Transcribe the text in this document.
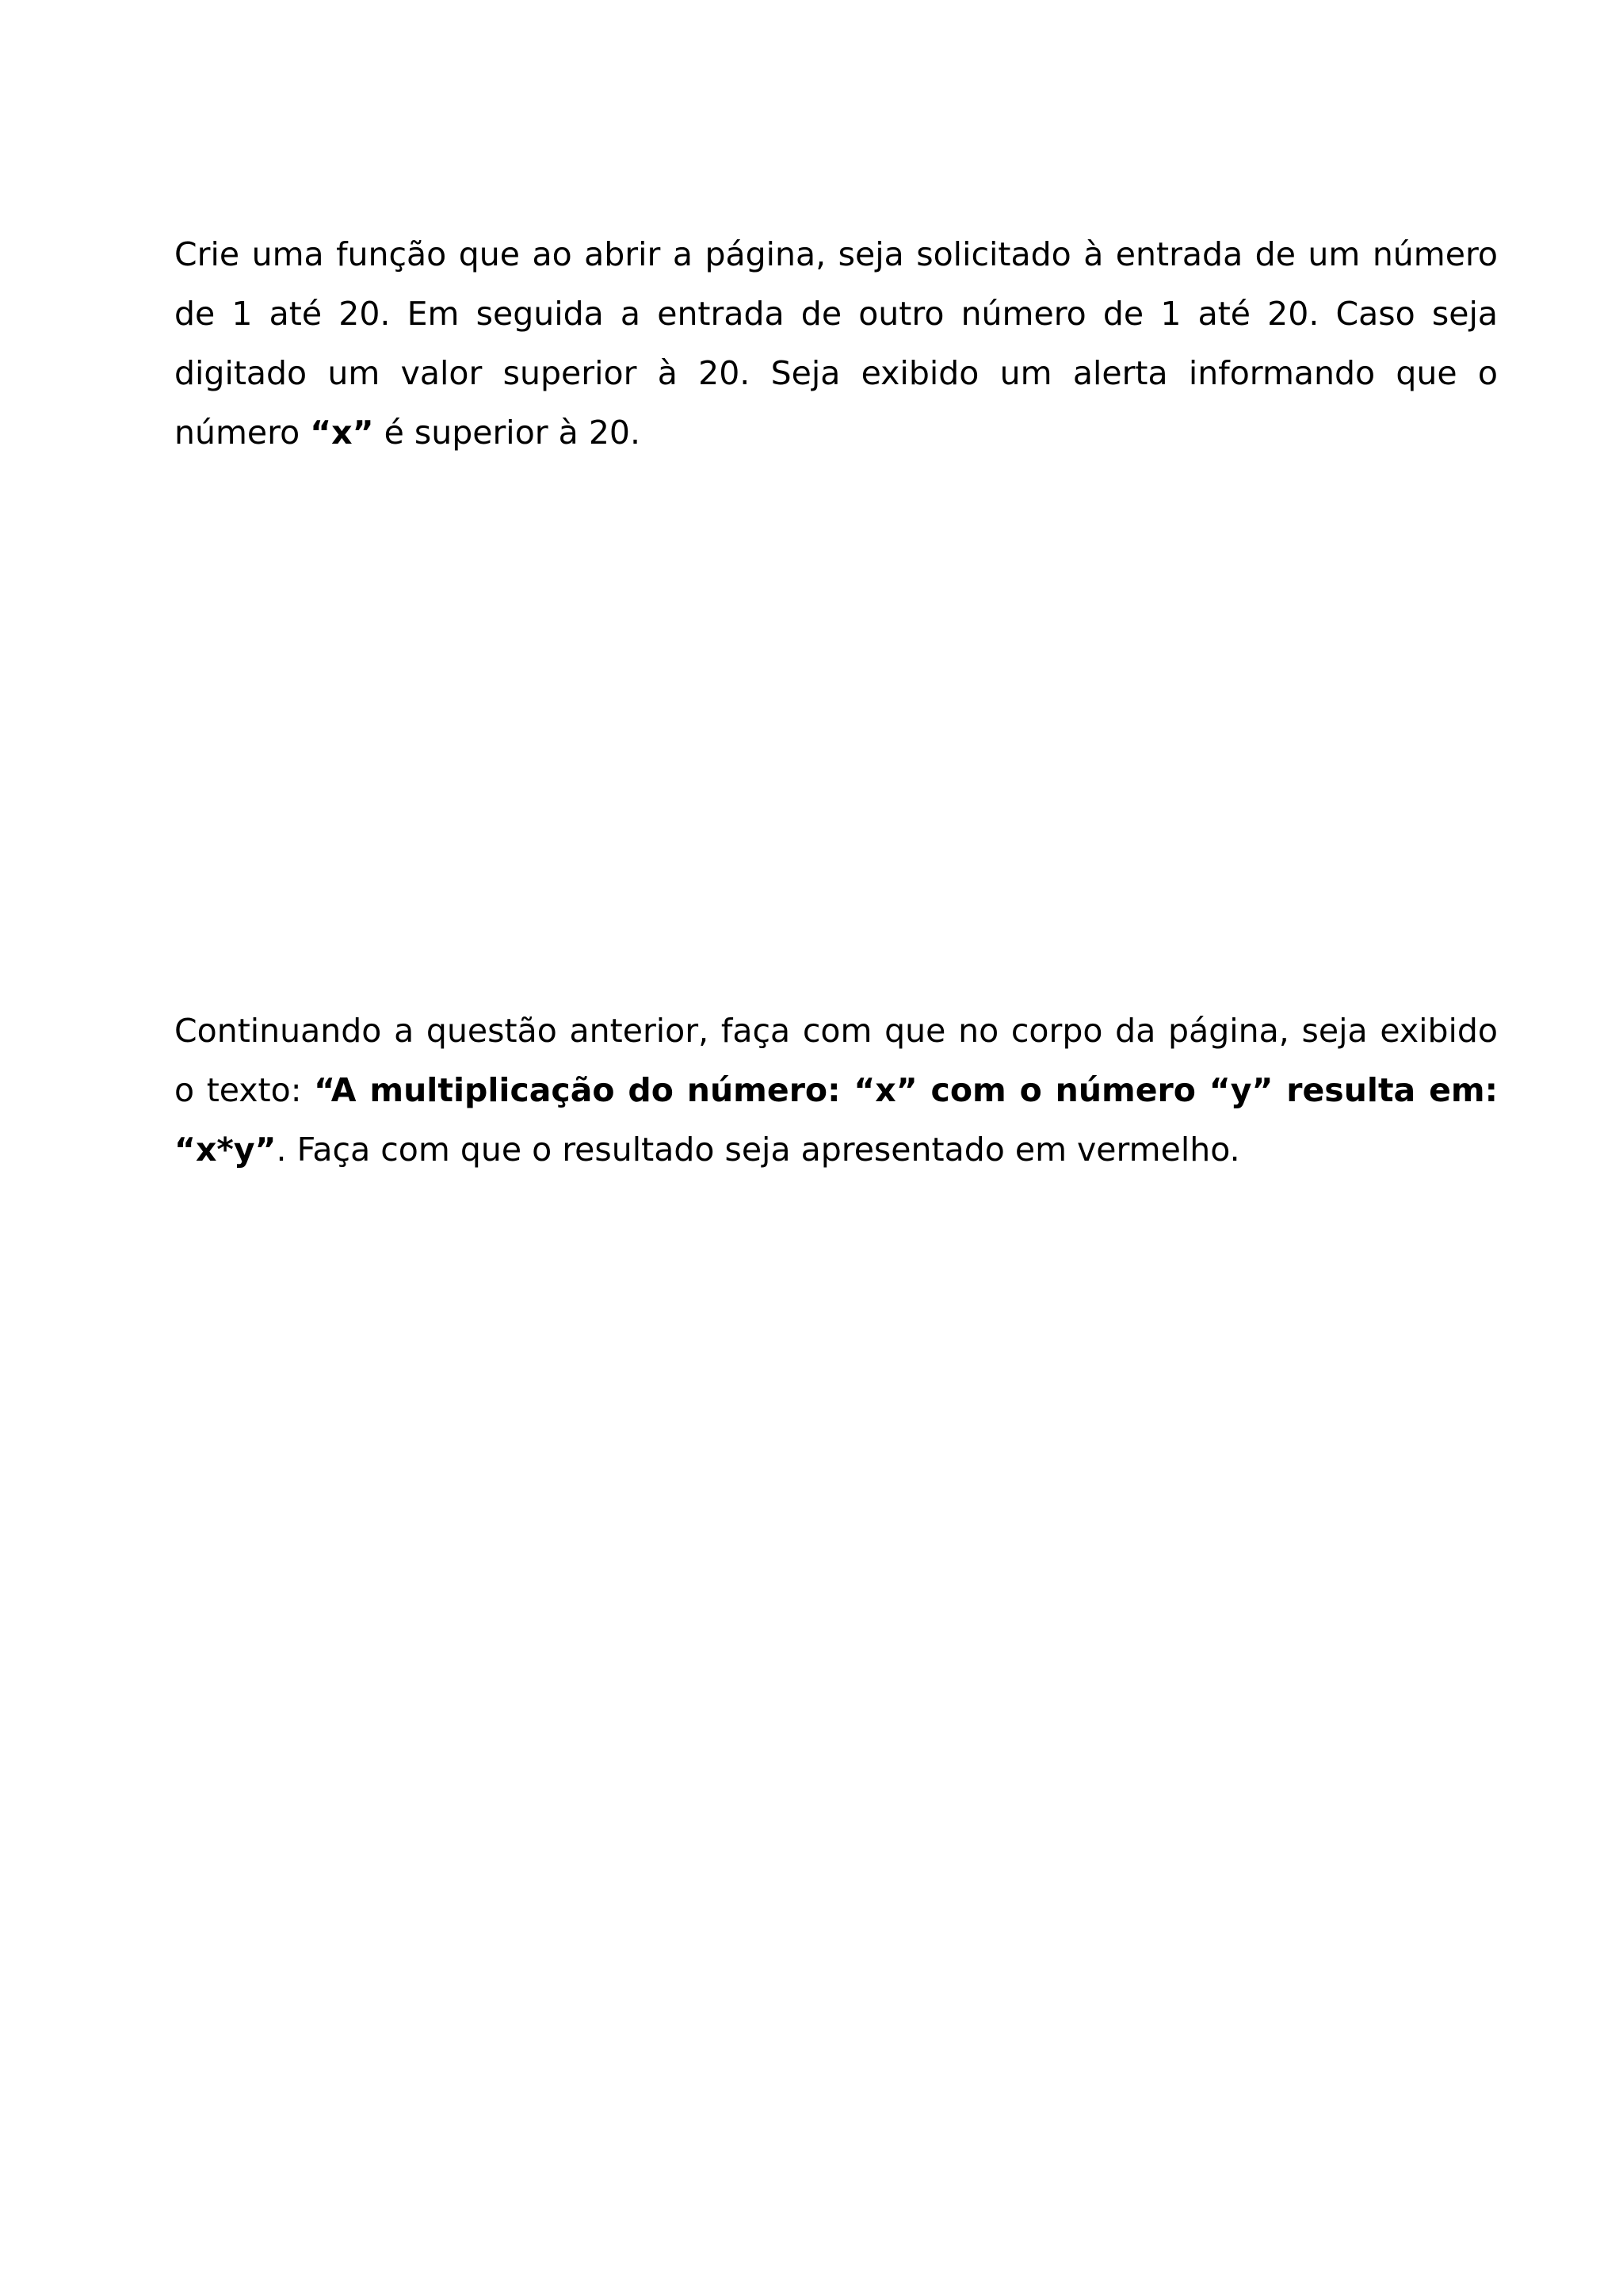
Crie uma função que ao abrir a página, seja solicitado à entrada de um número de 1 até 20. Em seguida a entrada de outro número de 1 até 20. Caso seja digitado um valor superior à 20. Seja exibido um alerta informando que o número “x” é superior à 20.

Continuando a questão anterior, faça com que no corpo da página, seja exibido o texto: “A multiplicação do número: “x” com o número “y” resulta em: “x*y”. Faça com que o resultado seja apresentado em vermelho.
